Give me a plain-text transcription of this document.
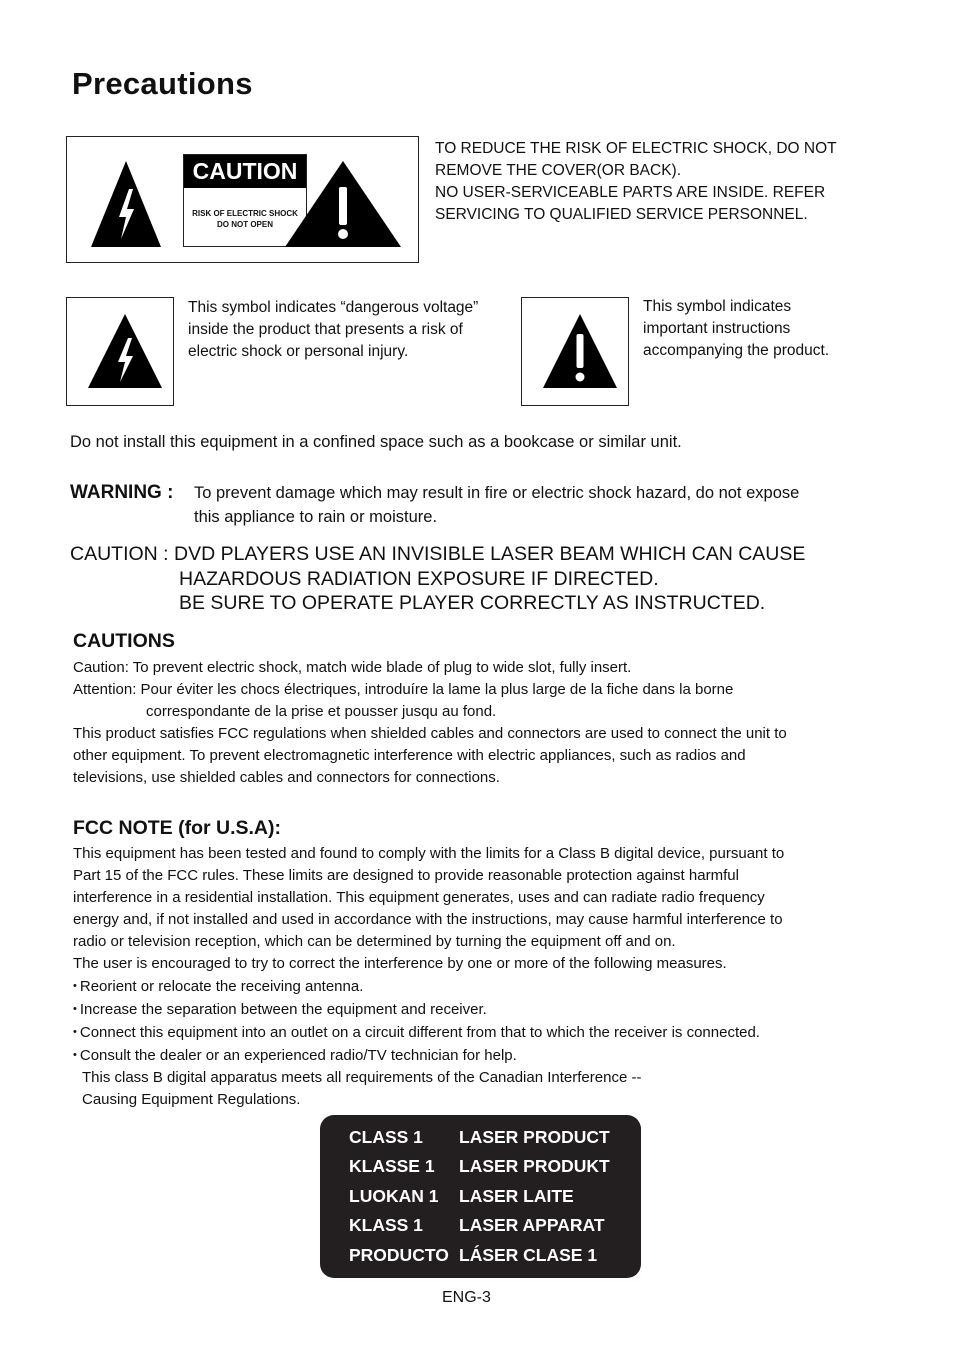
Precautions
CAUTION
RISK OF ELECTRIC SHOCK
DO NOT OPEN
TO REDUCE THE RISK OF ELECTRIC SHOCK, DO NOT
REMOVE THE COVER(OR BACK).
NO USER-SERVICEABLE PARTS ARE INSIDE. REFER
SERVICING TO QUALIFIED SERVICE PERSONNEL.
This symbol indicates “dangerous voltage”
inside the product that presents a risk of
electric shock or personal injury.
This symbol indicates
important instructions
accompanying the product.
Do not install this equipment in a confined space such as a bookcase or similar unit.
WARNING : To prevent damage which may result in fire or electric shock hazard, do not expose
this appliance to rain or moisture.
CAUTION : DVD PLAYERS USE AN INVISIBLE LASER BEAM WHICH CAN CAUSE
HAZARDOUS RADIATION EXPOSURE IF DIRECTED.
BE SURE TO OPERATE PLAYER CORRECTLY AS INSTRUCTED.
CAUTIONS
Caution: To prevent electric shock, match wide blade of plug to wide slot, fully insert.
Attention: Pour éviter les chocs électriques, introduíre la lame la plus large de la fiche dans la borne
correspondante de la prise et pousser jusqu au fond.
This product satisfies FCC regulations when shielded cables and connectors are used to connect the unit to
other equipment. To prevent electromagnetic interference with electric appliances, such as radios and
televisions, use shielded cables and connectors for connections.
FCC NOTE (for U.S.A):
This equipment has been tested and found to comply with the limits for a Class B digital device, pursuant to
Part 15 of the FCC rules. These limits are designed to provide reasonable protection against harmful
interference in a residential installation. This equipment generates, uses and can radiate radio frequency
energy and, if not installed and used in accordance with the instructions, may cause harmful interference to
radio or television reception, which can be determined by turning the equipment off and on.
The user is encouraged to try to correct the interference by one or more of the following measures.
• Reorient or relocate the receiving antenna.
• Increase the separation between the equipment and receiver.
• Connect this equipment into an outlet on a circuit different from that to which the receiver is connected.
• Consult the dealer or an experienced radio/TV technician for help.
This class B digital apparatus meets all requirements of the Canadian Interference --
Causing Equipment Regulations.
CLASS 1 LASER PRODUCT
KLASSE 1 LASER PRODUKT
LUOKAN 1 LASER LAITE
KLASS 1 LASER APPARAT
PRODUCTO LÁSER CLASE 1
ENG-3
